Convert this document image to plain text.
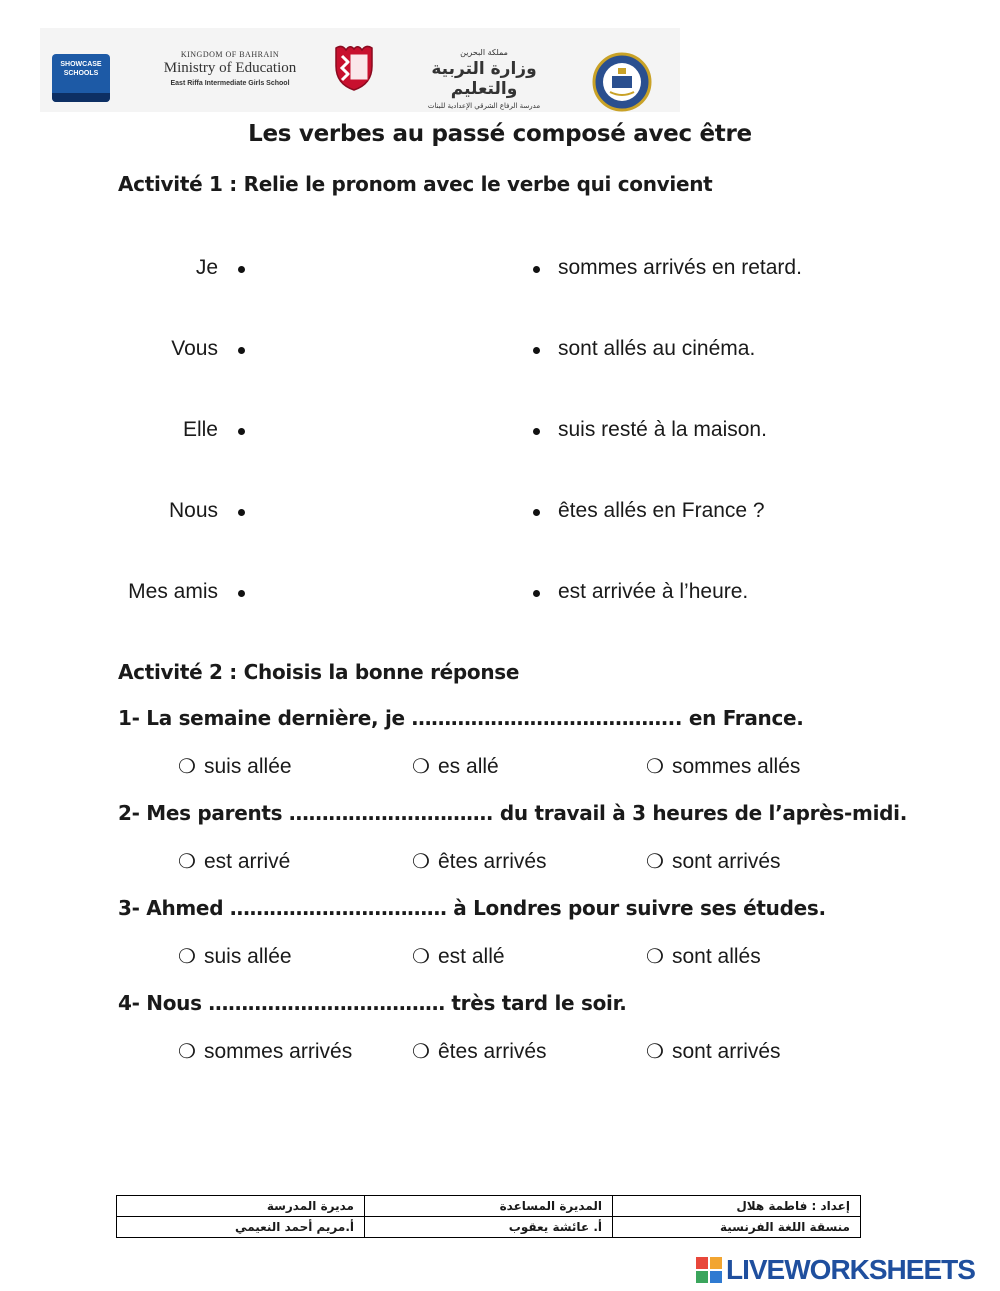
SHOWCASE SCHOOLS
KINGDOM OF BAHRAIN
Ministry of Education
East Riffa Intermediate Girls School
مملكة البحرين
وزارة التربية والتعليم
مدرسة الرفاع الشرقي الإعدادية للبنات
Les verbes au passé composé avec être
Activité 1 : Relie le pronom avec le verbe qui convient
Je	sommes arrivés en retard.
Vous	sont allés au cinéma.
Elle	suis resté à la maison.
Nous	êtes allés en France ?
Mes amis	est arrivée à l’heure.
Activité 2 : Choisis la bonne réponse
1- La semaine dernière, je ………………………………….. en France.
❍ suis allée	❍ es allé	❍ sommes allés
2- Mes parents …………………………. du travail à 3 heures de l’après-midi.
❍ est arrivé	❍ êtes arrivés	❍ sont arrivés
3- Ahmed …………………………… à Londres pour suivre ses études.
❍ suis allée	❍ est allé	❍ sont allés
4- Nous ……………………………… très tard le soir.
❍ sommes arrivés	❍ êtes arrivés	❍ sont arrivés
مديرة المدرسة	المديرة المساعدة	إعداد : فاطمة هلال
أ.مريم أحمد النعيمي	أ. عائشة يعقوب	منسقة اللغة الفرنسية
LIVEWORKSHEETS
